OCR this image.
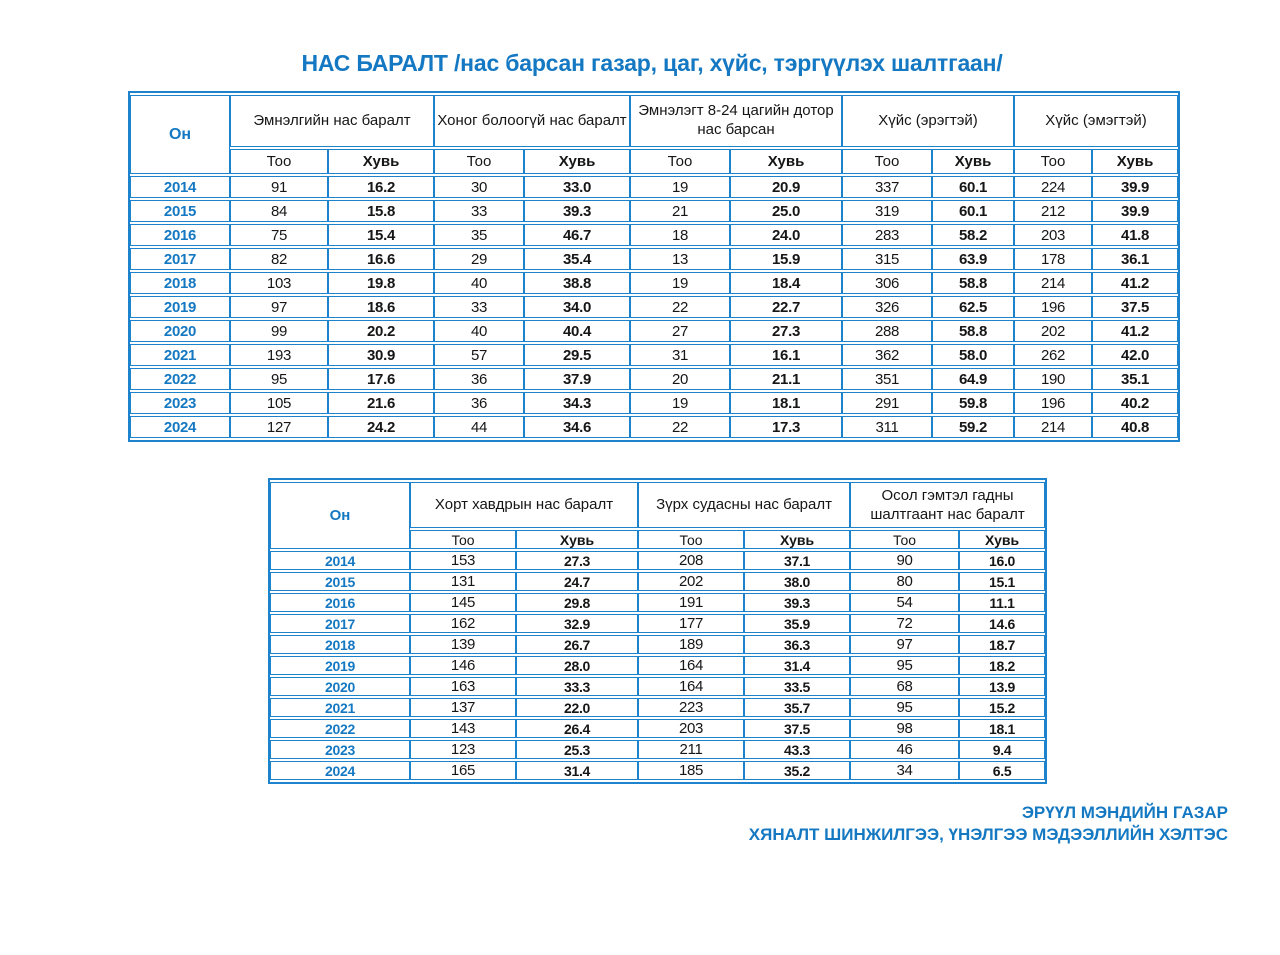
НАС БАРАЛТ /нас барсан газар, цаг, хүйс, тэргүүлэх шалтгаан/
Он	Эмнэлгийн нас баралт		Хоног болоогүй нас баралт		Эмнэлэгт 8-24 цагийн дотор нас барсан		Хүйс (эрэгтэй)		Хүйс (эмэгтэй)	
	Тоо	Хувь	Тоо	Хувь	Тоо	Хувь	Тоо	Хувь	Тоо	Хувь
2014	91	16.2	30	33.0	19	20.9	337	60.1	224	39.9
2015	84	15.8	33	39.3	21	25.0	319	60.1	212	39.9
2016	75	15.4	35	46.7	18	24.0	283	58.2	203	41.8
2017	82	16.6	29	35.4	13	15.9	315	63.9	178	36.1
2018	103	19.8	40	38.8	19	18.4	306	58.8	214	41.2
2019	97	18.6	33	34.0	22	22.7	326	62.5	196	37.5
2020	99	20.2	40	40.4	27	27.3	288	58.8	202	41.2
2021	193	30.9	57	29.5	31	16.1	362	58.0	262	42.0
2022	95	17.6	36	37.9	20	21.1	351	64.9	190	35.1
2023	105	21.6	36	34.3	19	18.1	291	59.8	196	40.2
2024	127	24.2	44	34.6	22	17.3	311	59.2	214	40.8
Он	Хорт хавдрын нас баралт		Зүрх судасны нас баралт		Осол гэмтэл гадны шалтгаант нас баралт	
	Тоо	Хувь	Тоо	Хувь	Тоо	Хувь
2014	153	27.3	208	37.1	90	16.0
2015	131	24.7	202	38.0	80	15.1
2016	145	29.8	191	39.3	54	11.1
2017	162	32.9	177	35.9	72	14.6
2018	139	26.7	189	36.3	97	18.7
2019	146	28.0	164	31.4	95	18.2
2020	163	33.3	164	33.5	68	13.9
2021	137	22.0	223	35.7	95	15.2
2022	143	26.4	203	37.5	98	18.1
2023	123	25.3	211	43.3	46	9.4
2024	165	31.4	185	35.2	34	6.5
ЭРҮҮЛ МЭНДИЙН ГАЗАР
ХЯНАЛТ ШИНЖИЛГЭЭ, ҮНЭЛГЭЭ МЭДЭЭЛЛИЙН ХЭЛТЭС
